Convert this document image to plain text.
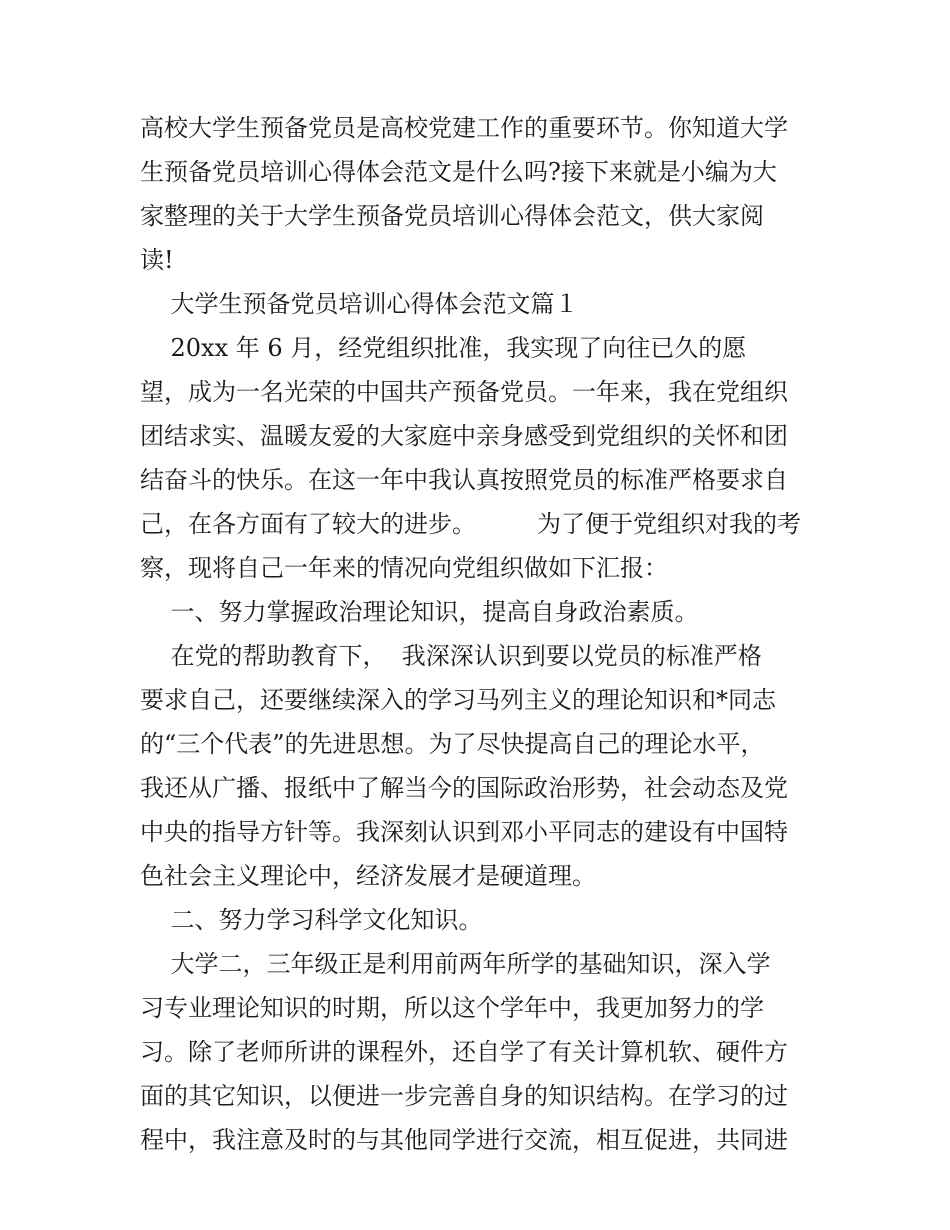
高校大学生预备党员是高校党建工作的重要环节。你知道大学
生预备党员培训心得体会范文是什么吗?接下来就是小编为大
家整理的关于大学生预备党员培训心得体会范文，供大家阅
读!
大学生预备党员培训心得体会范文篇１
20xx 年 6 月，经党组织批准，我实现了向往已久的愿
望，成为一名光荣的中国共产预备党员。一年来，我在党组织
团结求实、温暖友爱的大家庭中亲身感受到党组织的关怀和团
结奋斗的快乐。在这一年中我认真按照党员的标准严格要求自
己，在各方面有了较大的进步。        为了便于党组织对我的考
察，现将自己一年来的情况向党组织做如下汇报：
一、努力掌握政治理论知识，提高自身政治素质。
在党的帮助教育下，  我深深认识到要以党员的标准严格
要求自己，还要继续深入的学习马列主义的理论知识和*同志
的“三个代表”的先进思想。为了尽快提高自己的理论水平，
我还从广播、报纸中了解当今的国际政治形势，社会动态及党
中央的指导方针等。我深刻认识到邓小平同志的建设有中国特
色社会主义理论中，经济发展才是硬道理。
二、努力学习科学文化知识。
大学二，三年级正是利用前两年所学的基础知识，深入学
习专业理论知识的时期，所以这个学年中，我更加努力的学
习。除了老师所讲的课程外，还自学了有关计算机软、硬件方
面的其它知识，以便进一步完善自身的知识结构。在学习的过
程中，我注意及时的与其他同学进行交流，相互促进，共同进
